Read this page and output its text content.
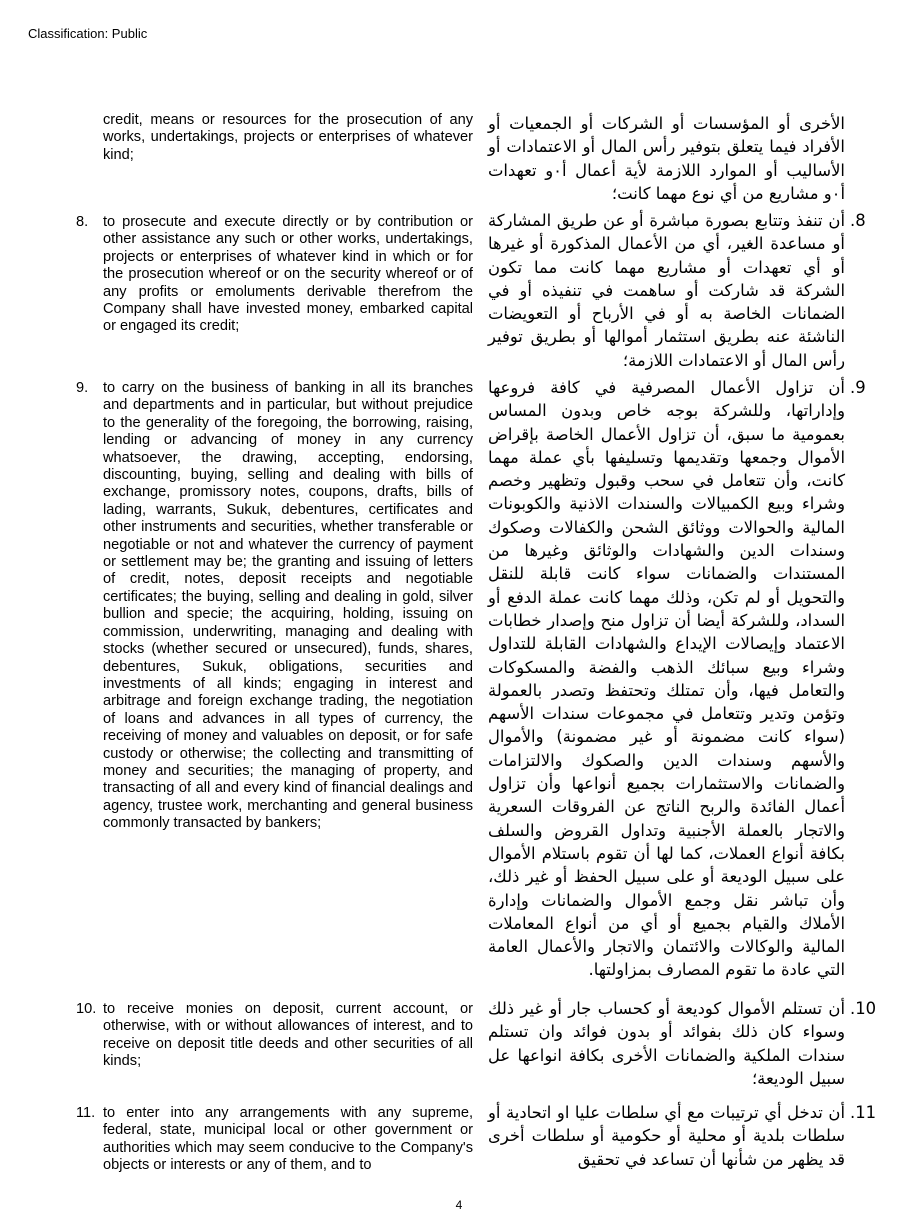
Classification: Public
credit, means or resources for the prosecution of any works, undertakings, projects or enterprises of whatever kind;
الأخرى أو المؤسسات أو الشركات أو الجمعيات أو الأفراد فيما يتعلق بتوفير رأس المال أو الاعتمادات أو الأساليب أو الموارد اللازمة لأية أعمال أ٠و تعهدات أ٠و مشاريع من أي نوع مهما كانت؛
8. to prosecute and execute directly or by contribution or other assistance any such or other works, undertakings, projects or enterprises of whatever kind in which or for the prosecution whereof or on the security whereof or of any profits or emoluments derivable therefrom the Company shall have invested money, embarked capital or engaged its credit;
.8
أن تنفذ وتتابع بصورة مباشرة أو عن طريق المشاركة أو مساعدة الغير، أي من الأعمال المذكورة أو غيرها أو أي تعهدات أو مشاريع مهما كانت مما تكون الشركة قد شاركت أو ساهمت في تنفيذه أو في الضمانات الخاصة به أو في الأرباح أو التعويضات الناشئة عنه بطريق استثمار أموالها أو بطريق توفير رأس المال أو الاعتمادات اللازمة؛
9. to carry on the business of banking in all its branches and departments and in particular, but without prejudice to the generality of the foregoing, the borrowing, raising, lending or advancing of money in any currency whatsoever, the drawing, accepting, endorsing, discounting, buying, selling and dealing with bills of exchange, promissory notes, coupons, drafts, bills of lading, warrants, Sukuk, debentures, certificates and other instruments and securities, whether transferable or negotiable or not and whatever the currency of payment or settlement may be; the granting and issuing of letters of credit, notes, deposit receipts and negotiable certificates; the buying, selling and dealing in gold, silver bullion and specie; the acquiring, holding, issuing on commission, underwriting, managing and dealing with stocks (whether secured or unsecured), funds, shares, debentures, Sukuk, obligations, securities and investments of all kinds; engaging in interest and arbitrage and foreign exchange trading, the negotiation of loans and advances in all types of currency, the receiving of money and valuables on deposit, or for safe custody or otherwise; the collecting and transmitting of money and securities; the managing of property, and transacting of all and every kind of financial dealings and agency, trustee work, merchanting and general business commonly transacted by bankers;
.9
أن تزاول الأعمال المصرفية في كافة فروعها وإداراتها، وللشركة بوجه خاص وبدون المساس بعمومية ما سبق، أن تزاول الأعمال الخاصة بإقراض الأموال وجمعها وتقديمها وتسليفها بأي عملة مهما كانت، وأن تتعامل في سحب وقبول وتظهير وخصم وشراء وبيع الكمبيالات والسندات الاذنية والكوبونات المالية والحوالات ووثائق الشحن والكفالات وصكوك وسندات الدين والشهادات والوثائق وغيرها من المستندات والضمانات سواء كانت قابلة للنقل والتحويل أو لم تكن، وذلك مهما كانت عملة الدفع أو السداد، وللشركة أيضا أن تزاول منح وإصدار خطابات الاعتماد وإيصالات الإيداع والشهادات القابلة للتداول وشراء وبيع سبائك الذهب والفضة والمسكوكات والتعامل فيها، وأن تمتلك وتحتفظ وتصدر بالعمولة وتؤمن وتدير وتتعامل في مجموعات سندات الأسهم (سواء كانت مضمونة أو غير مضمونة) والأموال والأسهم وسندات الدين والصكوك والالتزامات والضمانات والاستثمارات بجميع أنواعها وأن تزاول أعمال الفائدة والربح الناتج عن الفروقات السعرية والاتجار بالعملة الأجنبية وتداول القروض والسلف بكافة أنواع العملات، كما لها أن تقوم باستلام الأموال على سبيل الوديعة أو على سبيل الحفظ أو غير ذلك، وأن تباشر نقل وجمع الأموال والضمانات وإدارة الأملاك والقيام بجميع أو أي من أنواع المعاملات المالية والوكالات والائتمان والاتجار والأعمال العامة التي عادة ما تقوم المصارف بمزاولتها.
10. to receive monies on deposit, current account, or otherwise, with or without allowances of interest, and to receive on deposit title deeds and other securities of all kinds;
.10
أن تستلم الأموال كوديعة أو كحساب جار أو غير ذلك وسواء كان ذلك بفوائد أو بدون فوائد وان تستلم سندات الملكية والضمانات الأخرى بكافة انواعها عل سبيل الوديعة؛
11. to enter into any arrangements with any supreme, federal, state, municipal local or other government or authorities which may seem conducive to the Company's objects or interests or any of them, and to
.11
أن تدخل أي ترتيبات مع أي سلطات عليا او اتحادية أو سلطات بلدية أو محلية أو حكومية أو سلطات أخرى قد يظهر من شأنها أن تساعد في تحقيق
4
